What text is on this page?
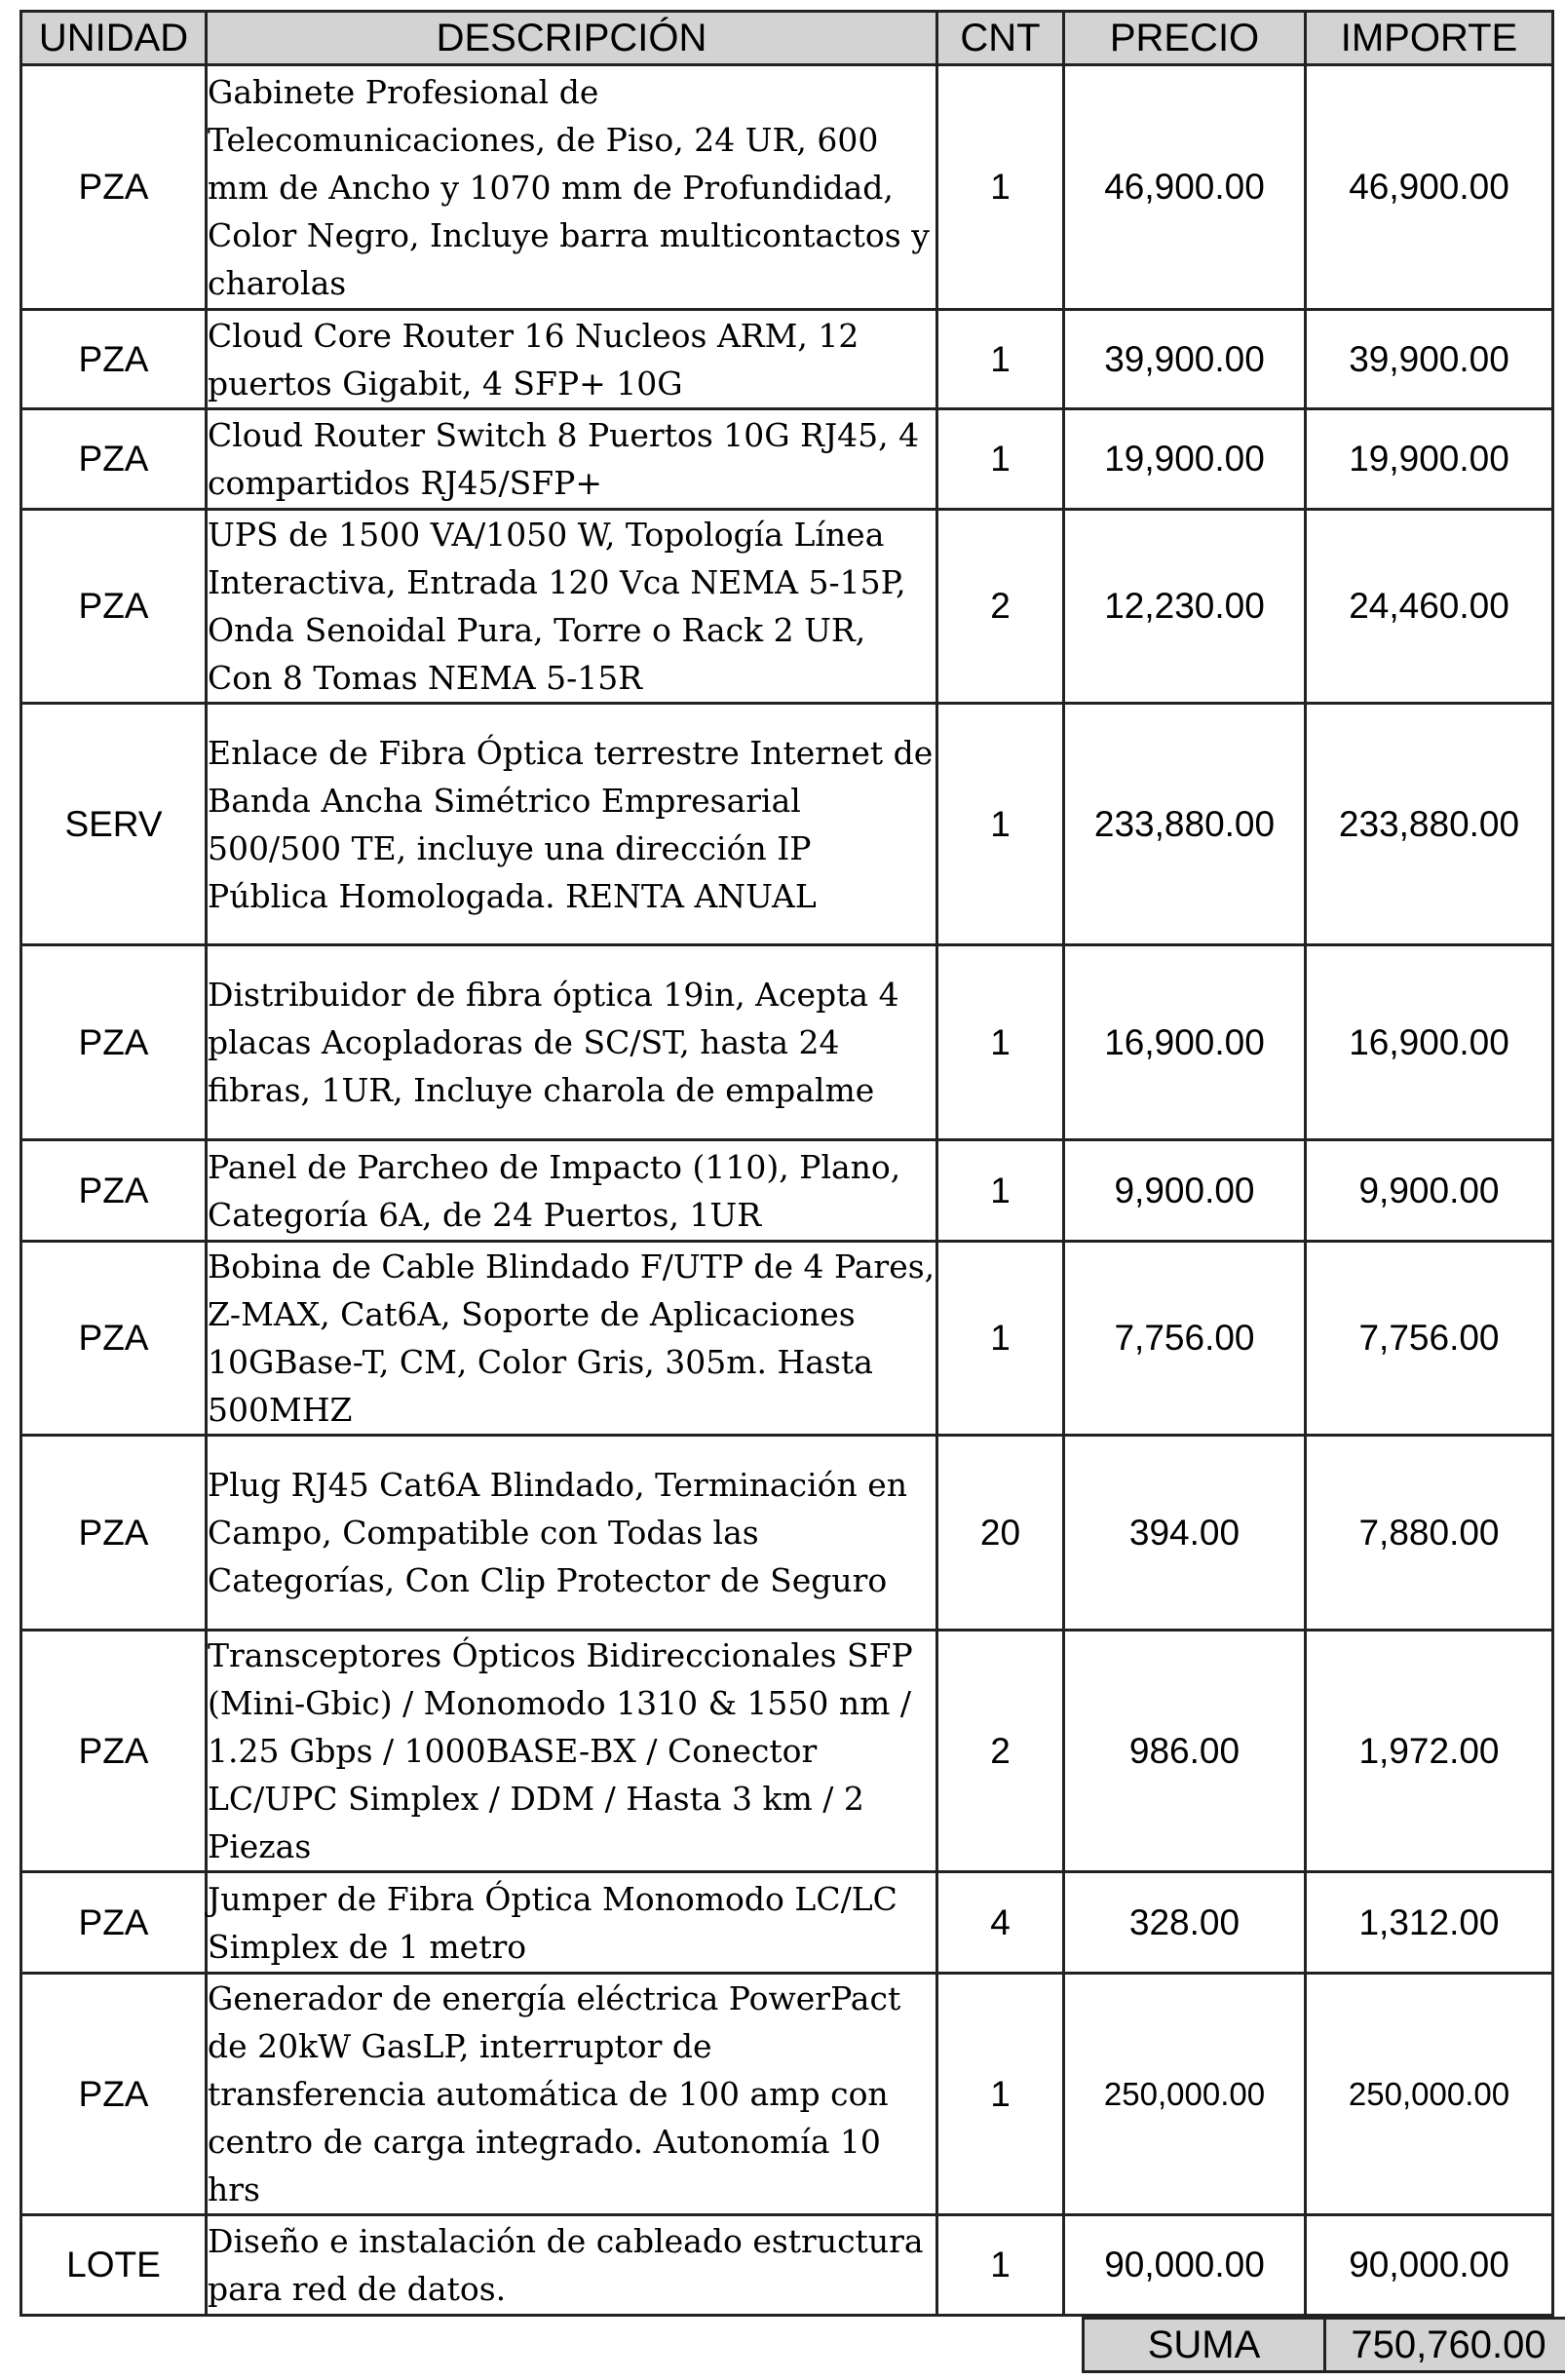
UNIDAD	DESCRIPCIÓN	CNT	PRECIO	IMPORTE
PZA	Gabinete Profesional de Telecomunicaciones, de Piso, 24 UR, 600 mm de Ancho y 1070 mm de Profundidad, Color Negro, Incluye barra multicontactos y charolas	1	46,900.00	46,900.00
PZA	Cloud Core Router 16 Nucleos ARM, 12 puertos Gigabit, 4 SFP+ 10G	1	39,900.00	39,900.00
PZA	Cloud Router Switch 8 Puertos 10G RJ45, 4 compartidos RJ45/SFP+	1	19,900.00	19,900.00
PZA	UPS de 1500 VA/1050 W, Topología Línea Interactiva, Entrada 120 Vca NEMA 5-15P, Onda Senoidal Pura, Torre o Rack 2 UR, Con 8 Tomas NEMA 5-15R	2	12,230.00	24,460.00
SERV	Enlace de Fibra Óptica terrestre Internet de Banda Ancha Simétrico Empresarial 500/500 TE, incluye una dirección IP Pública Homologada. RENTA ANUAL	1	233,880.00	233,880.00
PZA	Distribuidor de fibra óptica 19in, Acepta 4 placas Acopladoras de SC/ST, hasta 24 fibras, 1UR, Incluye charola de empalme	1	16,900.00	16,900.00
PZA	Panel de Parcheo de Impacto (110), Plano, Categoría 6A, de 24 Puertos, 1UR	1	9,900.00	9,900.00
PZA	Bobina de Cable Blindado F/UTP de 4 Pares, Z-MAX, Cat6A, Soporte de Aplicaciones 10GBase-T, CM, Color Gris, 305m. Hasta 500MHZ	1	7,756.00	7,756.00
PZA	Plug RJ45 Cat6A Blindado, Terminación en Campo, Compatible con Todas las Categorías, Con Clip Protector de Seguro	20	394.00	7,880.00
PZA	Transceptores Ópticos Bidireccionales SFP (Mini-Gbic) / Monomodo 1310 & 1550 nm / 1.25 Gbps / 1000BASE-BX / Conector LC/UPC Simplex / DDM / Hasta 3 km / 2 Piezas	2	986.00	1,972.00
PZA	Jumper de Fibra Óptica Monomodo LC/LC Simplex de 1 metro	4	328.00	1,312.00
PZA	Generador de energía eléctrica PowerPact de 20kW GasLP, interruptor de transferencia automática de 100 amp con centro de carga integrado. Autonomía 10 hrs	1	250,000.00	250,000.00
LOTE	Diseño e instalación de cableado estructura para red de datos.	1	90,000.00	90,000.00
SUMA	750,760.00
